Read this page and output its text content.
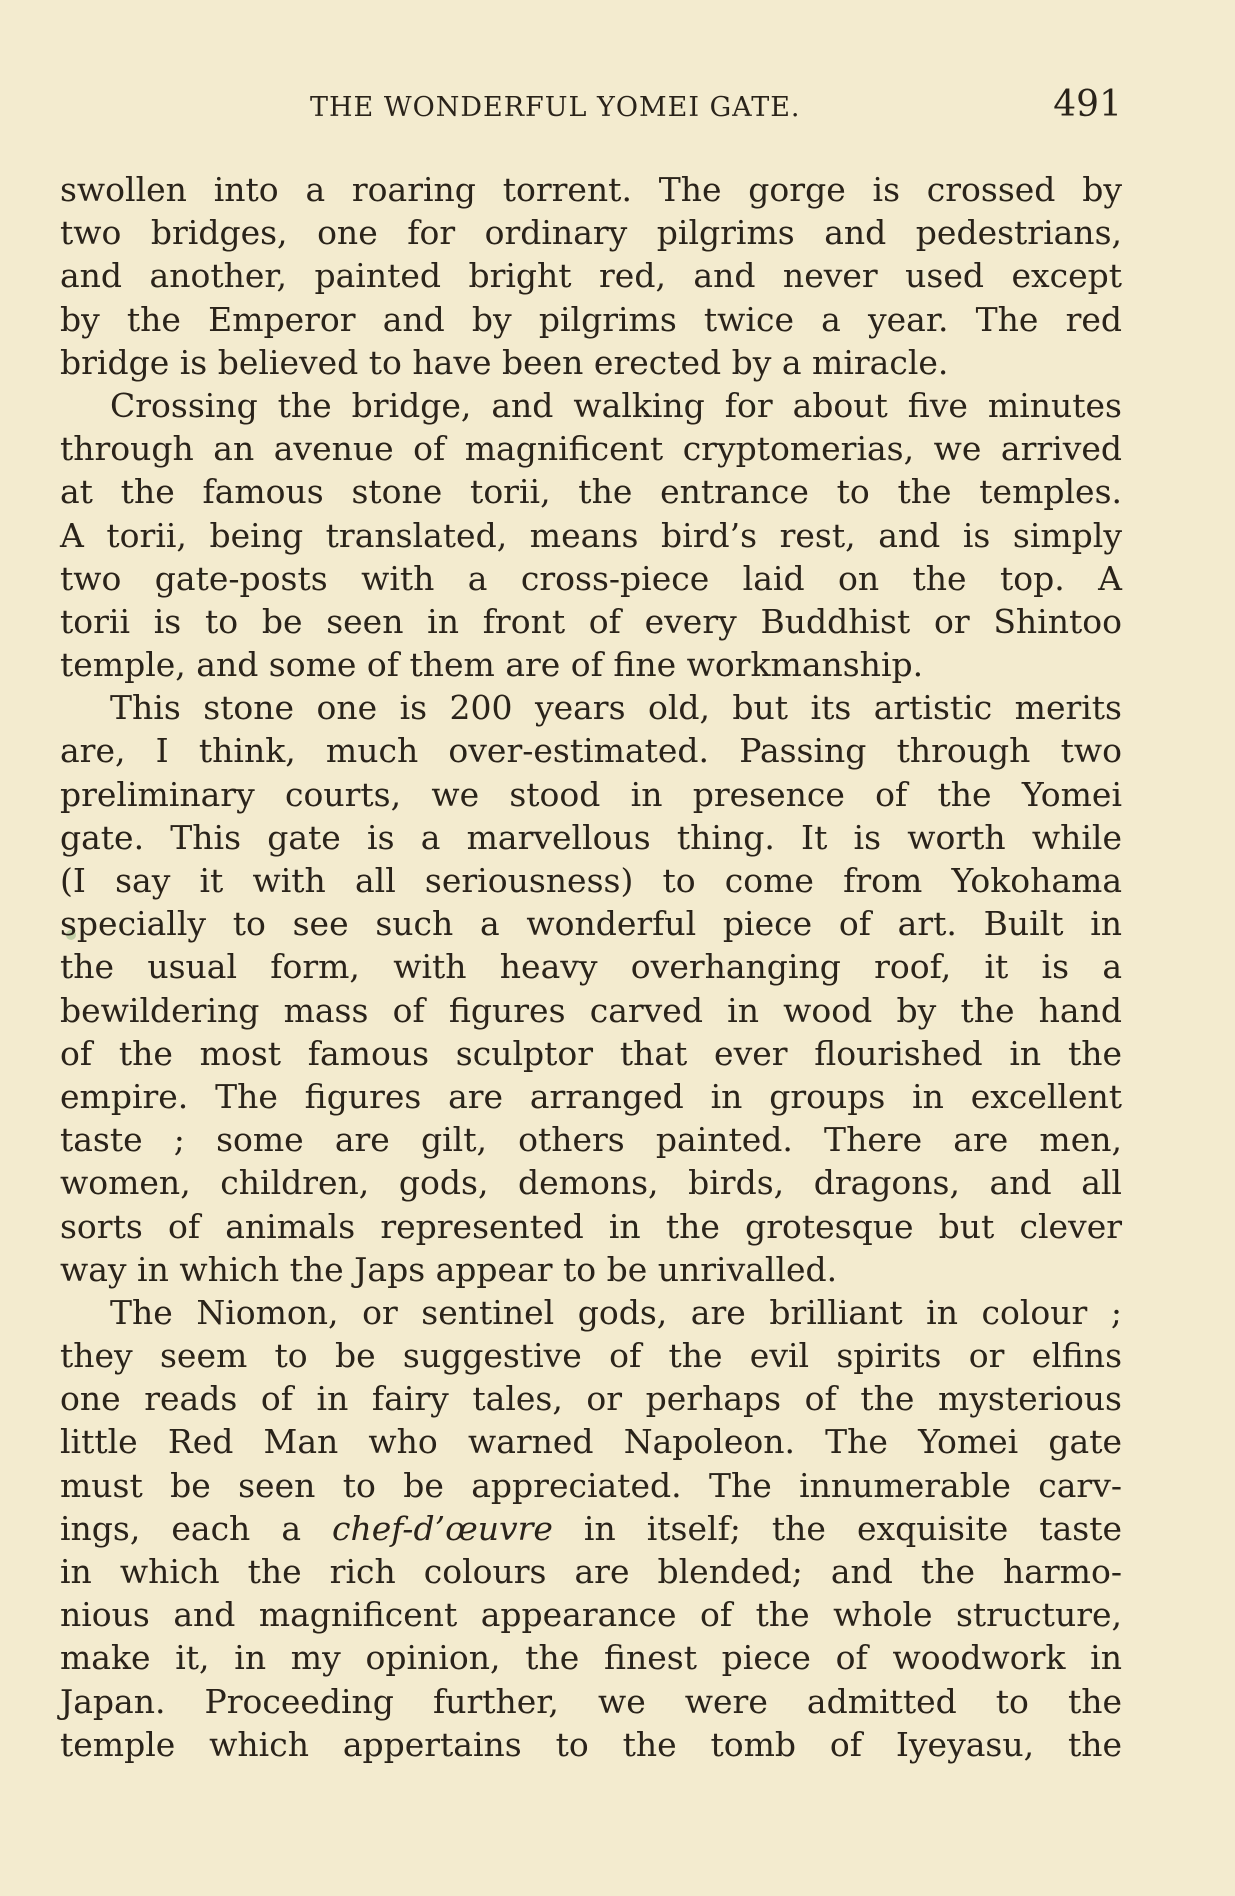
THE WONDERFUL YOMEI GATE.	491
swollen into a roaring torrent. The gorge is crossed by
two bridges, one for ordinary pilgrims and pedestrians,
and another, painted bright red, and never used except
by the Emperor and by pilgrims twice a year. The red
bridge is believed to have been erected by a miracle.
Crossing the bridge, and walking for about five minutes
through an avenue of magnificent cryptomerias, we arrived
at the famous stone torii, the entrance to the temples.
A torii, being translated, means bird’s rest, and is simply
two gate-posts with a cross-piece laid on the top. A
torii is to be seen in front of every Buddhist or Shintoo
temple, and some of them are of fine workmanship.
This stone one is 200 years old, but its artistic merits
are, I think, much over-estimated. Passing through two
preliminary courts, we stood in presence of the Yomei
gate. This gate is a marvellous thing. It is worth while
(I say it with all seriousness) to come from Yokohama
specially to see such a wonderful piece of art. Built in
the usual form, with heavy overhanging roof, it is a
bewildering mass of figures carved in wood by the hand
of the most famous sculptor that ever flourished in the
empire. The figures are arranged in groups in excellent
taste ; some are gilt, others painted. There are men,
women, children, gods, demons, birds, dragons, and all
sorts of animals represented in the grotesque but clever
way in which the Japs appear to be unrivalled.
The Niomon, or sentinel gods, are brilliant in colour ;
they seem to be suggestive of the evil spirits or elfins
one reads of in fairy tales, or perhaps of the mysterious
little Red Man who warned Napoleon. The Yomei gate
must be seen to be appreciated. The innumerable carv-
ings, each a chef-d’œuvre in itself; the exquisite taste
in which the rich colours are blended; and the harmo-
nious and magnificent appearance of the whole structure,
make it, in my opinion, the finest piece of woodwork in
Japan. Proceeding further, we were admitted to the
temple which appertains to the tomb of Iyeyasu, the
